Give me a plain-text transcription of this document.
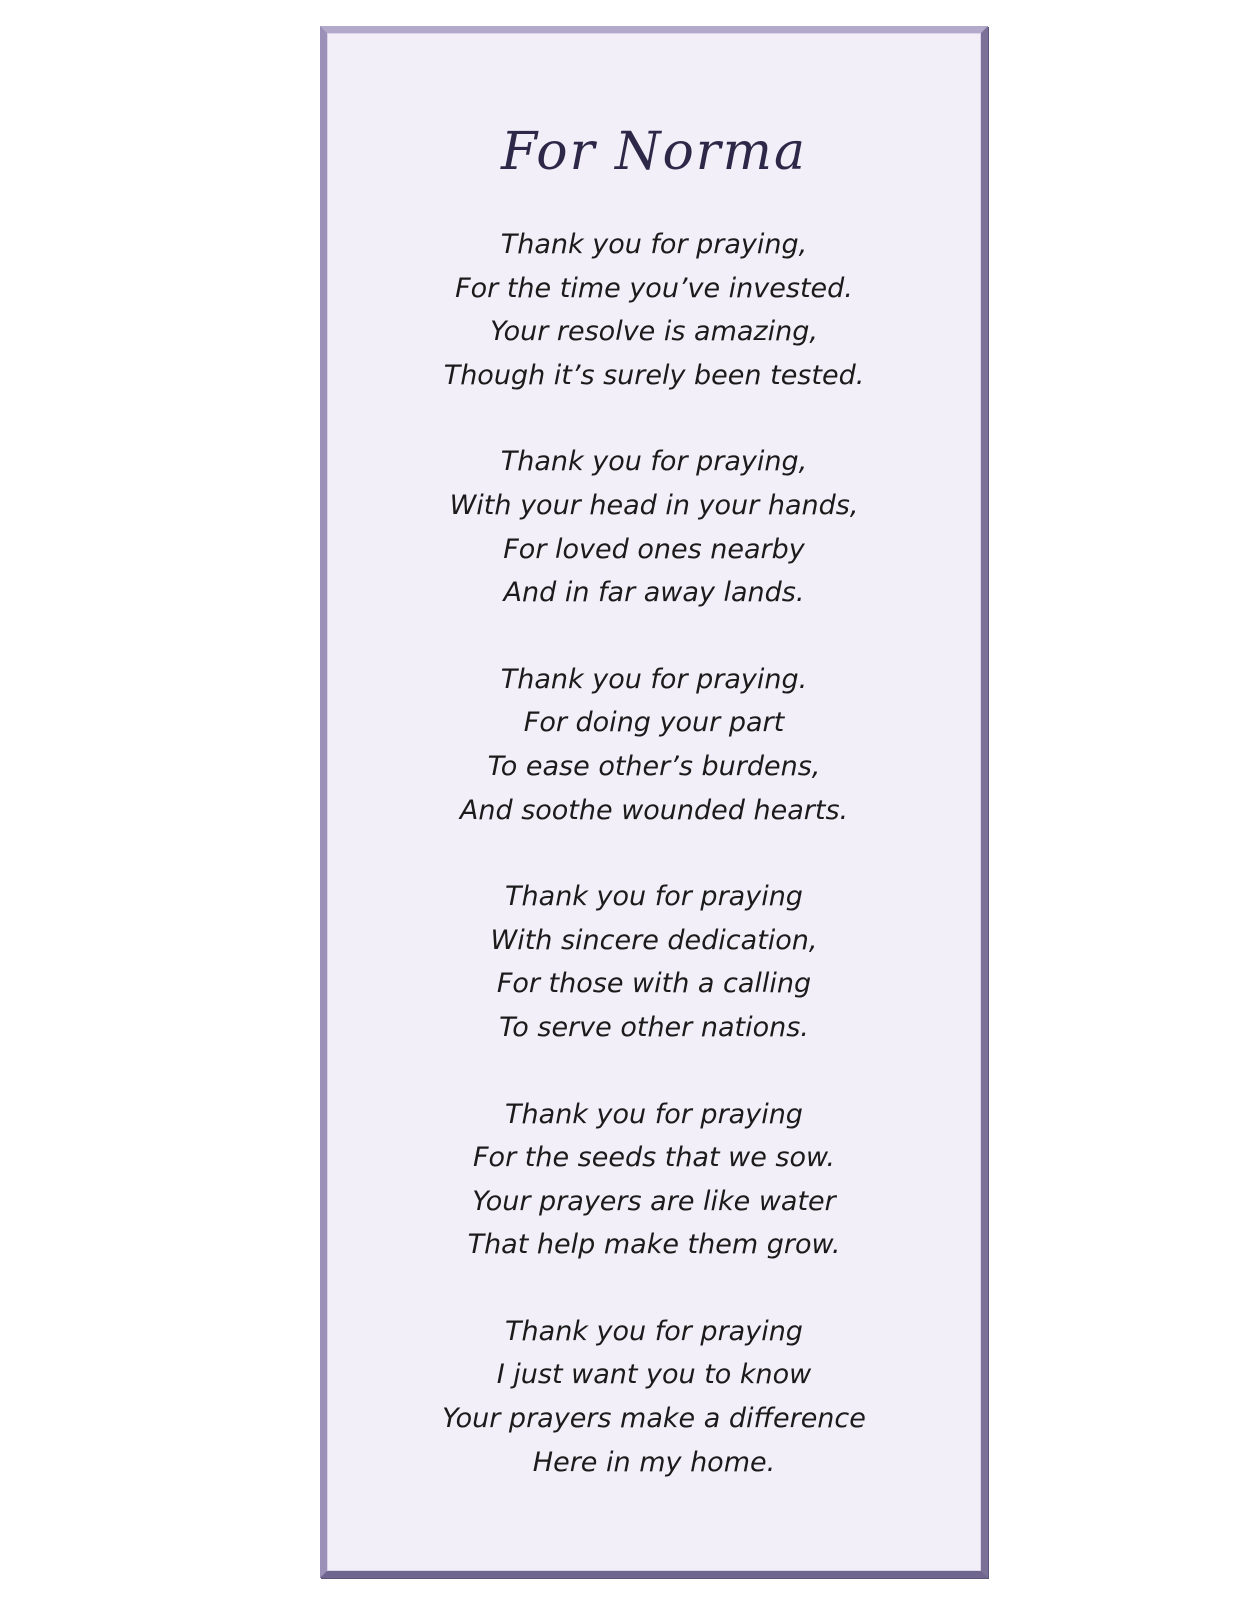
For Norma
Thank you for praying,
For the time you’ve invested.
Your resolve is amazing,
Though it’s surely been tested.
Thank you for praying,
With your head in your hands,
For loved ones nearby
And in far away lands.
Thank you for praying.
For doing your part
To ease other’s burdens,
And soothe wounded hearts.
Thank you for praying
With sincere dedication,
For those with a calling
To serve other nations.
Thank you for praying
For the seeds that we sow.
Your prayers are like water
That help make them grow.
Thank you for praying
I just want you to know
Your prayers make a difference
Here in my home.
